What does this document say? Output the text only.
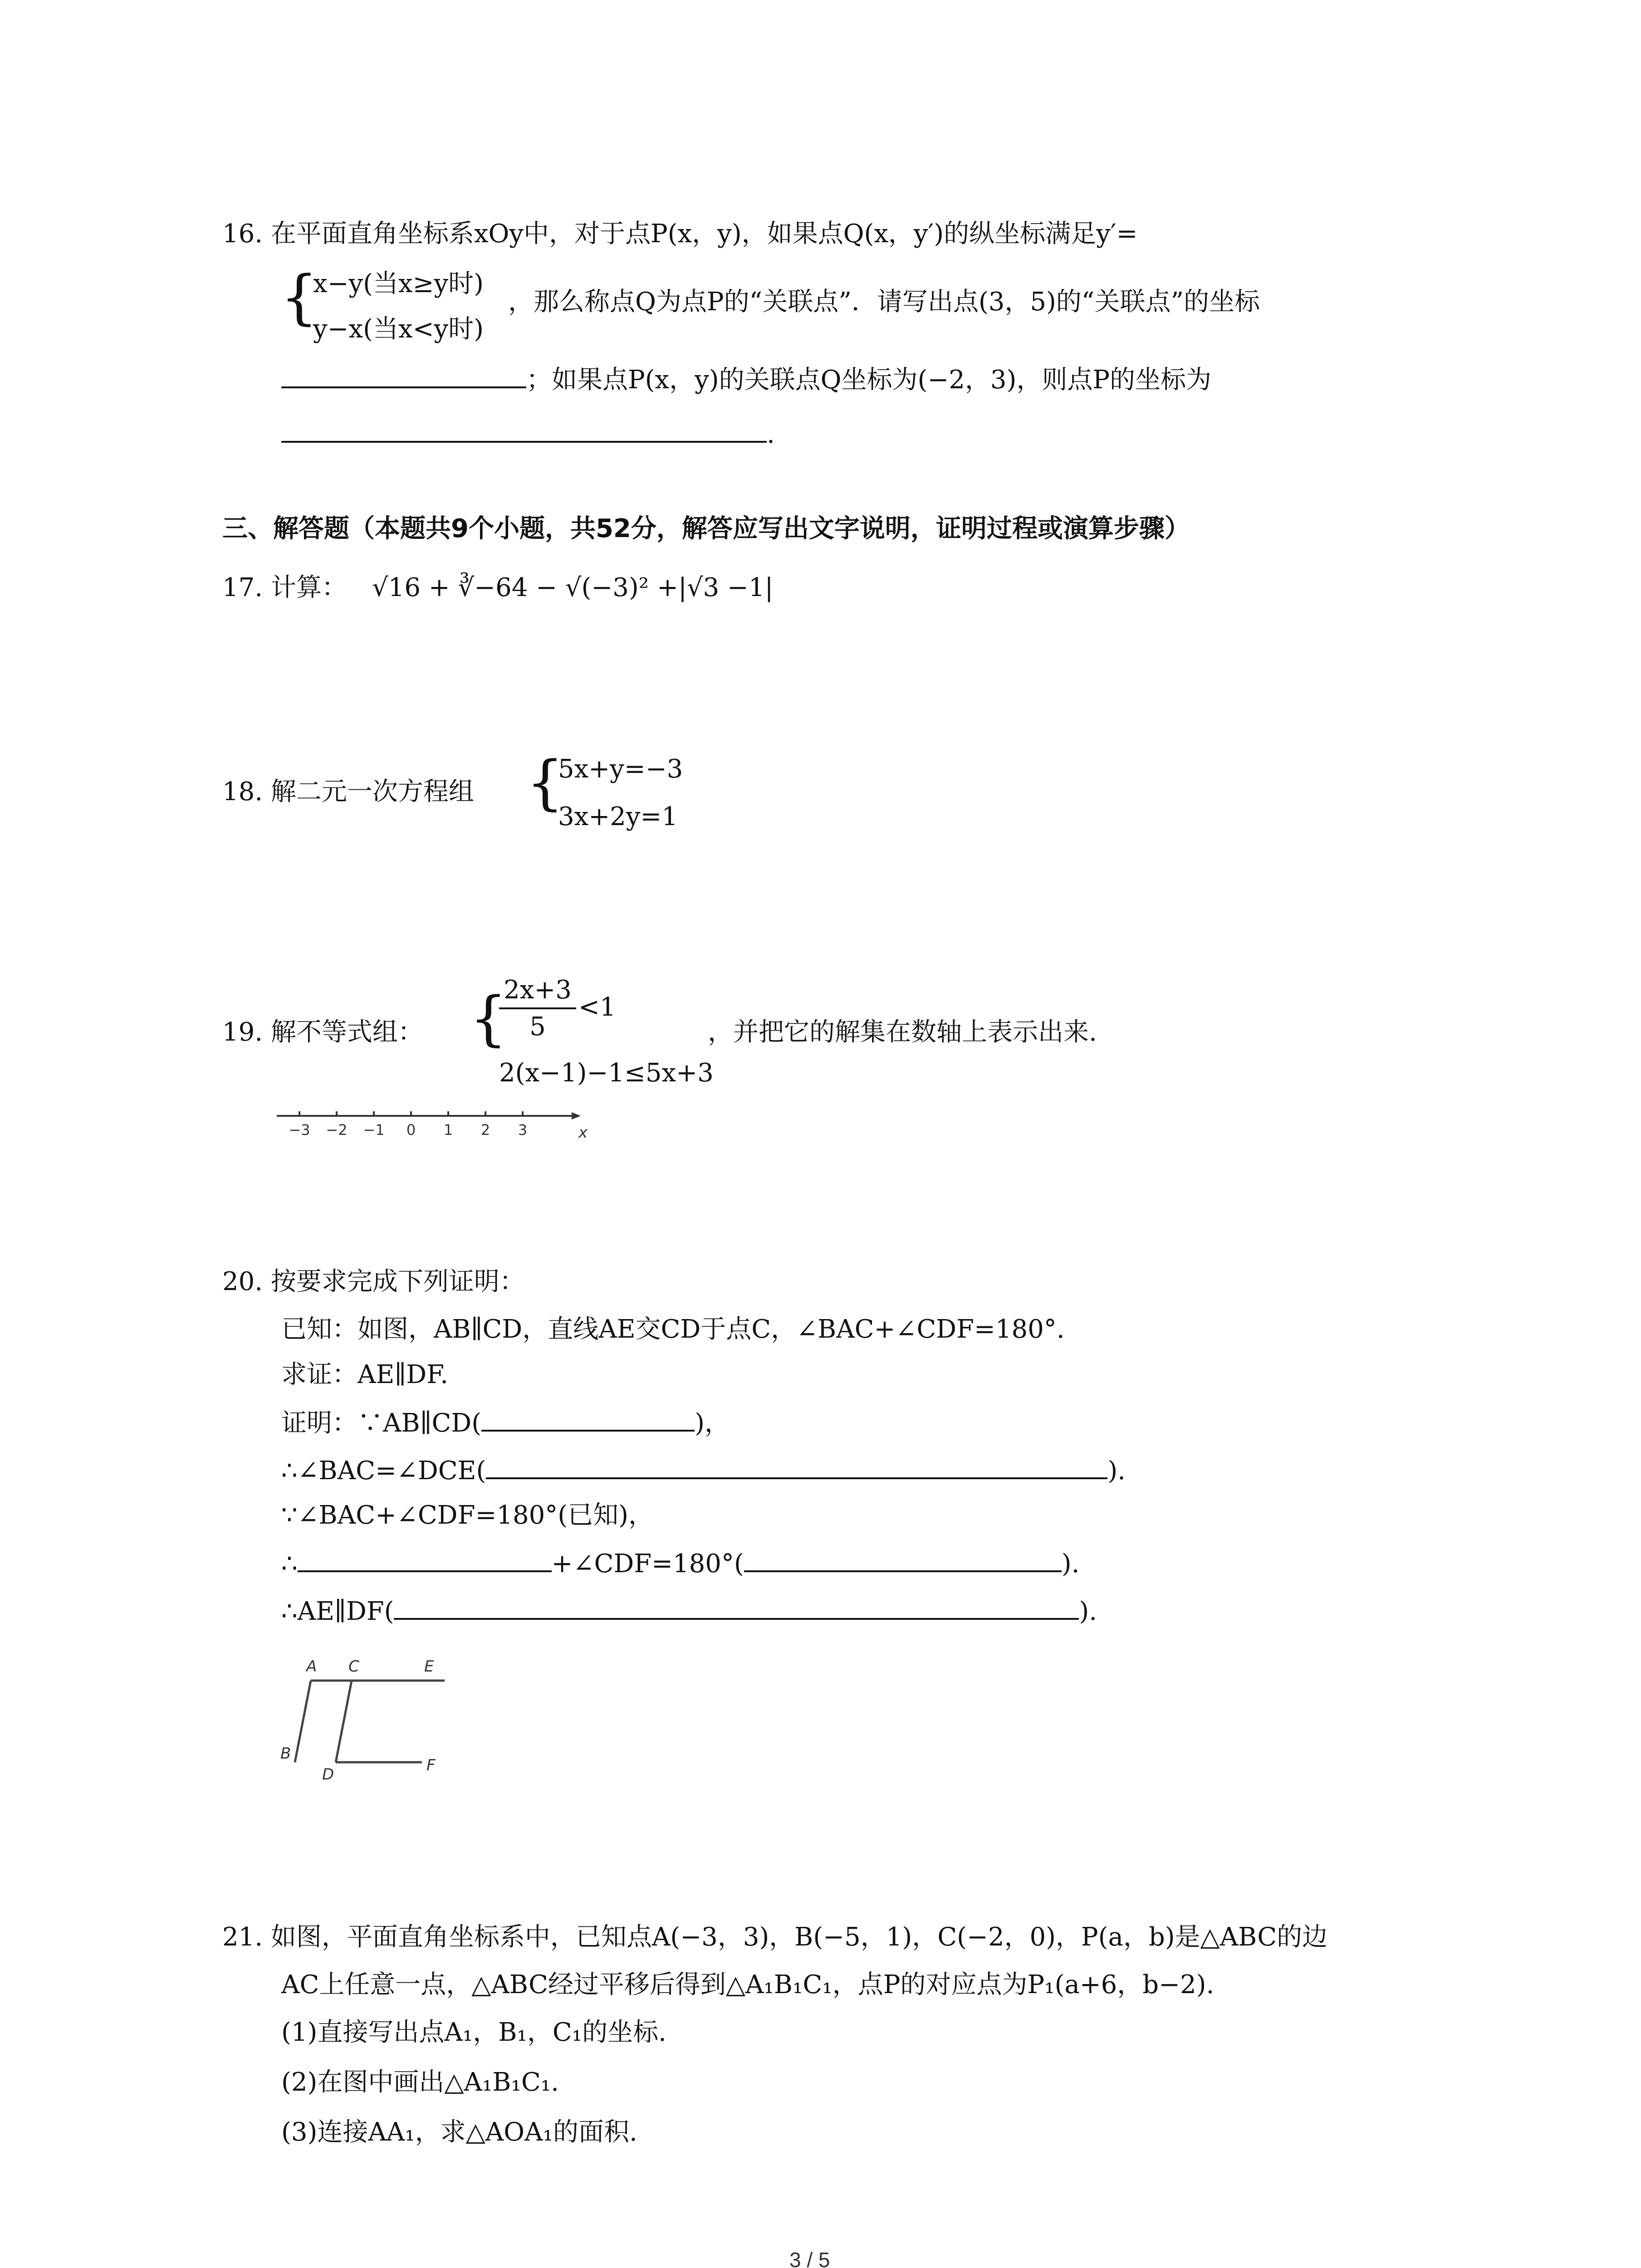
16. 在平面直角坐标系xOy中，对于点P(x，y)，如果点Q(x，y′)的纵坐标满足y′=
{
x−y(当x≥y时)
y−x(当x<y时)
，那么称点Q为点P的“关联点”．请写出点(3，5)的“关联点”的坐标
；如果点P(x，y)的关联点Q坐标为(−2，3)，则点P的坐标为
.
三、解答题（本题共9个小题，共52分，解答应写出文字说明，证明过程或演算步骤）
17. 计算： √16 + ∛−64 − √(−3)² +|√3 −1|
18. 解二元一次方程组 {
5x+y=−3
3x+2y=1
19. 解不等式组： {
2x+3
5
<1
2(x−1)−1≤5x+3
，并把它的解集在数轴上表示出来.
−3 −2 −1 0 1 2 3	x
20. 按要求完成下列证明：
已知：如图，AB∥CD，直线AE交CD于点C，∠BAC+∠CDF=180°.
求证：AE∥DF.
证明：∵AB∥CD(	)，
∴∠BAC=∠DCE(	).
∵∠BAC+∠CDF=180°(已知)，
∴	+∠CDF=180°(	).
∴AE∥DF(	).
A C	E
B
D	F
21. 如图，平面直角坐标系中，已知点A(−3，3)，B(−5，1)，C(−2，0)，P(a，b)是△ABC的边
AC上任意一点，△ABC经过平移后得到△A₁B₁C₁，点P的对应点为P₁(a+6，b−2).
(1)直接写出点A₁，B₁，C₁的坐标.
(2)在图中画出△A₁B₁C₁.
(3)连接AA₁，求△AOA₁的面积.
3 / 5
